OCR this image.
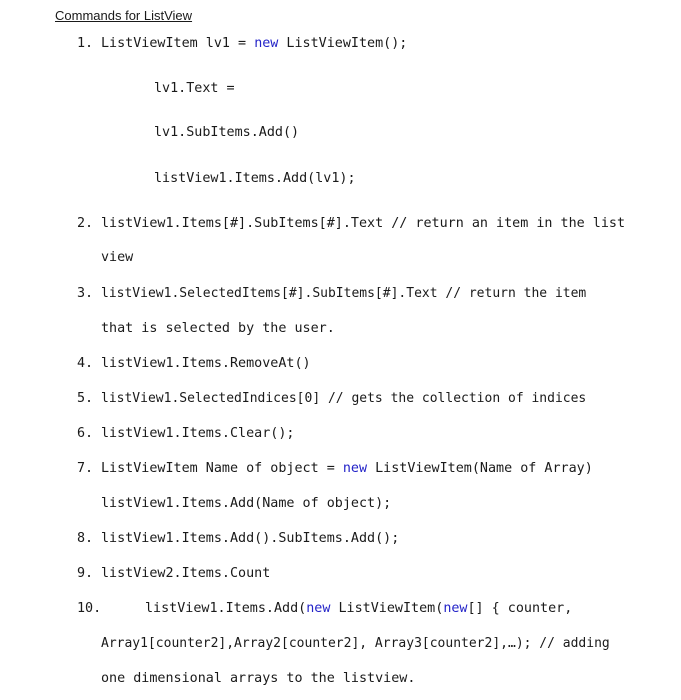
Commands for ListView
1. ListViewItem lv1 = new ListViewItem();
lv1.Text =
lv1.SubItems.Add()
listView1.Items.Add(lv1);
2. listView1.Items[#].SubItems[#].Text // return an item in the list
view
3. listView1.SelectedItems[#].SubItems[#].Text // return the item
that is selected by the user.
4. listView1.Items.RemoveAt()
5. listView1.SelectedIndices[0] // gets the collection of indices
6. listView1.Items.Clear();
7. ListViewItem Name of object = new ListViewItem(Name of Array)
listView1.Items.Add(Name of object);
8. listView1.Items.Add().SubItems.Add();
9. listView2.Items.Count
10.	listView1.Items.Add(new ListViewItem(new[] { counter,
Array1[counter2],Array2[counter2], Array3[counter2],…); // adding
one dimensional arrays to the listview.
